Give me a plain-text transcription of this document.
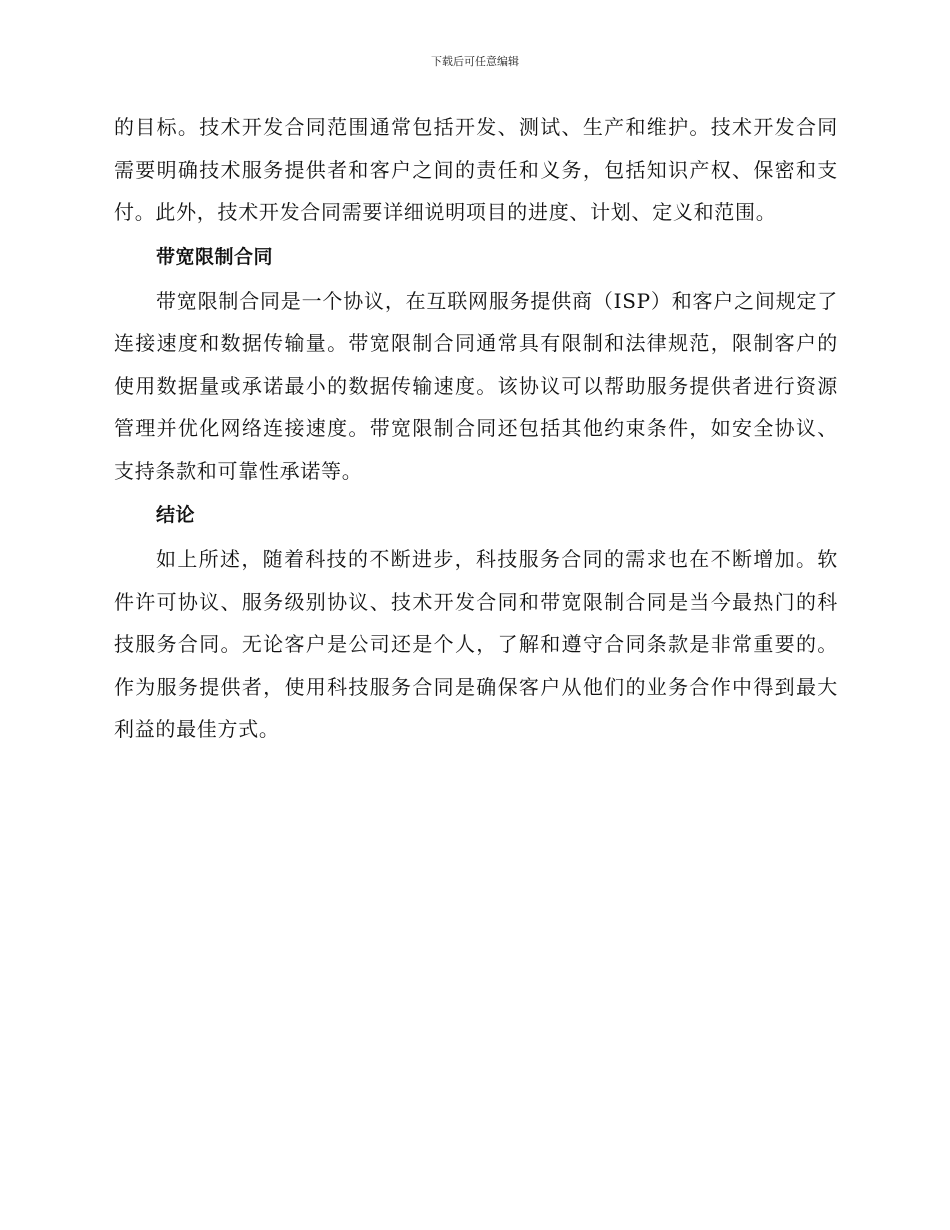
下载后可任意编辑

的目标。技术开发合同范围通常包括开发、测试、生产和维护。技术开发合同需要明确技术服务提供者和客户之间的责任和义务，包括知识产权、保密和支付。此外，技术开发合同需要详细说明项目的进度、计划、定义和范围。

带宽限制合同

带宽限制合同是一个协议，在互联网服务提供商（ISP）和客户之间规定了连接速度和数据传输量。带宽限制合同通常具有限制和法律规范，限制客户的使用数据量或承诺最小的数据传输速度。该协议可以帮助服务提供者进行资源管理并优化网络连接速度。带宽限制合同还包括其他约束条件，如安全协议、支持条款和可靠性承诺等。

结论

如上所述，随着科技的不断进步，科技服务合同的需求也在不断增加。软件许可协议、服务级别协议、技术开发合同和带宽限制合同是当今最热门的科技服务合同。无论客户是公司还是个人，了解和遵守合同条款是非常重要的。作为服务提供者，使用科技服务合同是确保客户从他们的业务合作中得到最大利益的最佳方式。
